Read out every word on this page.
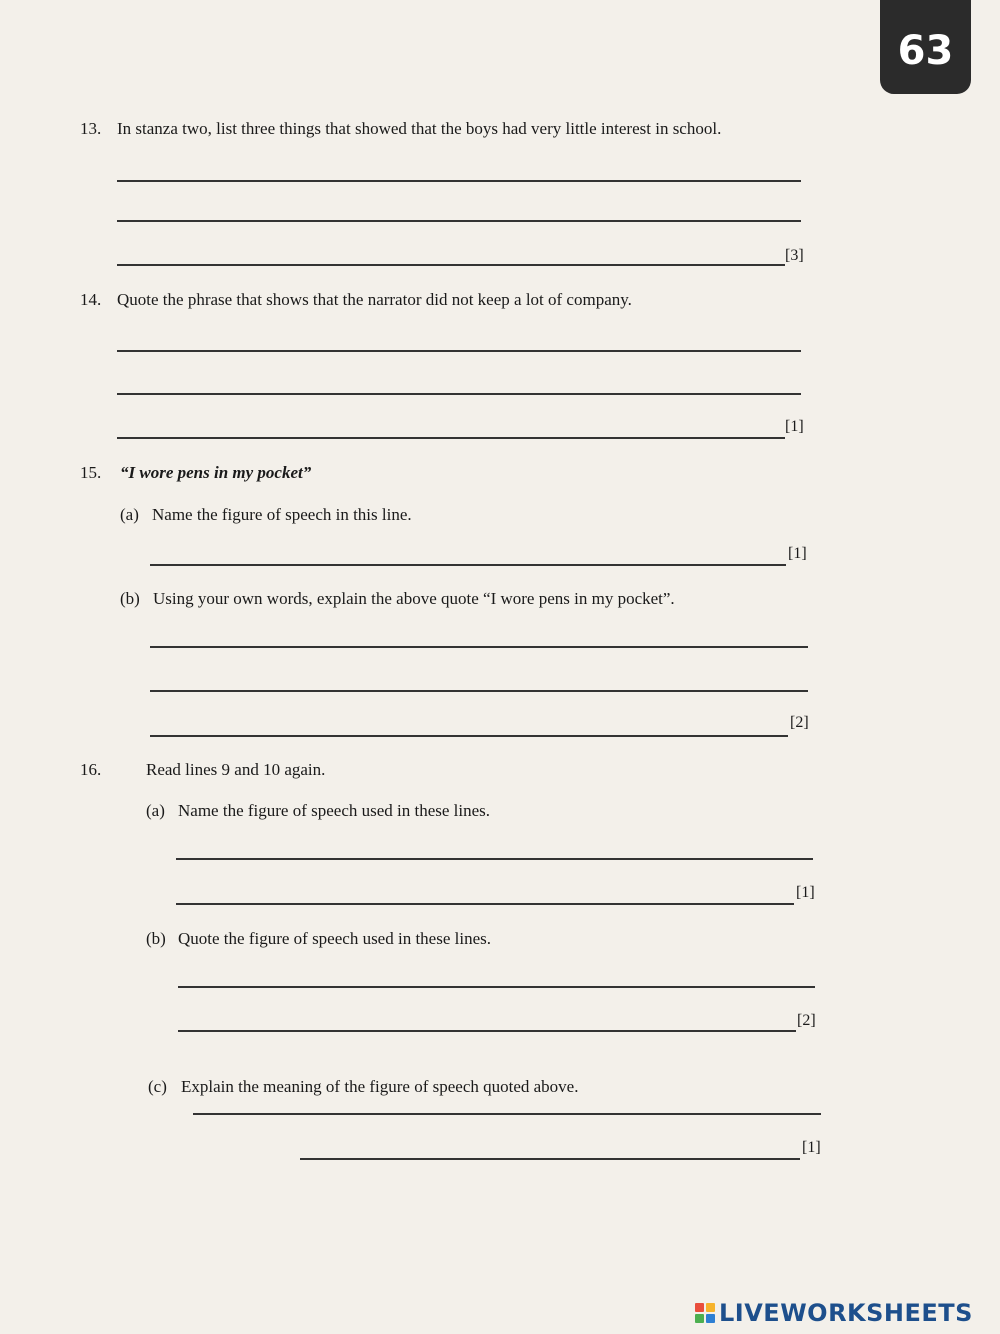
63
13. In stanza two, list three things that showed that the boys had very little interest in school.
[3]
14. Quote the phrase that shows that the narrator did not keep a lot of company.
[1]
15. “I wore pens in my pocket”
(a) Name the figure of speech in this line.
[1]
(b) Using your own words, explain the above quote “I wore pens in my pocket”.
[2]
16.	Read lines 9 and 10 again.
(a) Name the figure of speech used in these lines.
[1]
(b) Quote the figure of speech used in these lines.
[2]
(c) Explain the meaning of the figure of speech quoted above.
[1]
LIVEWORKSHEETS
